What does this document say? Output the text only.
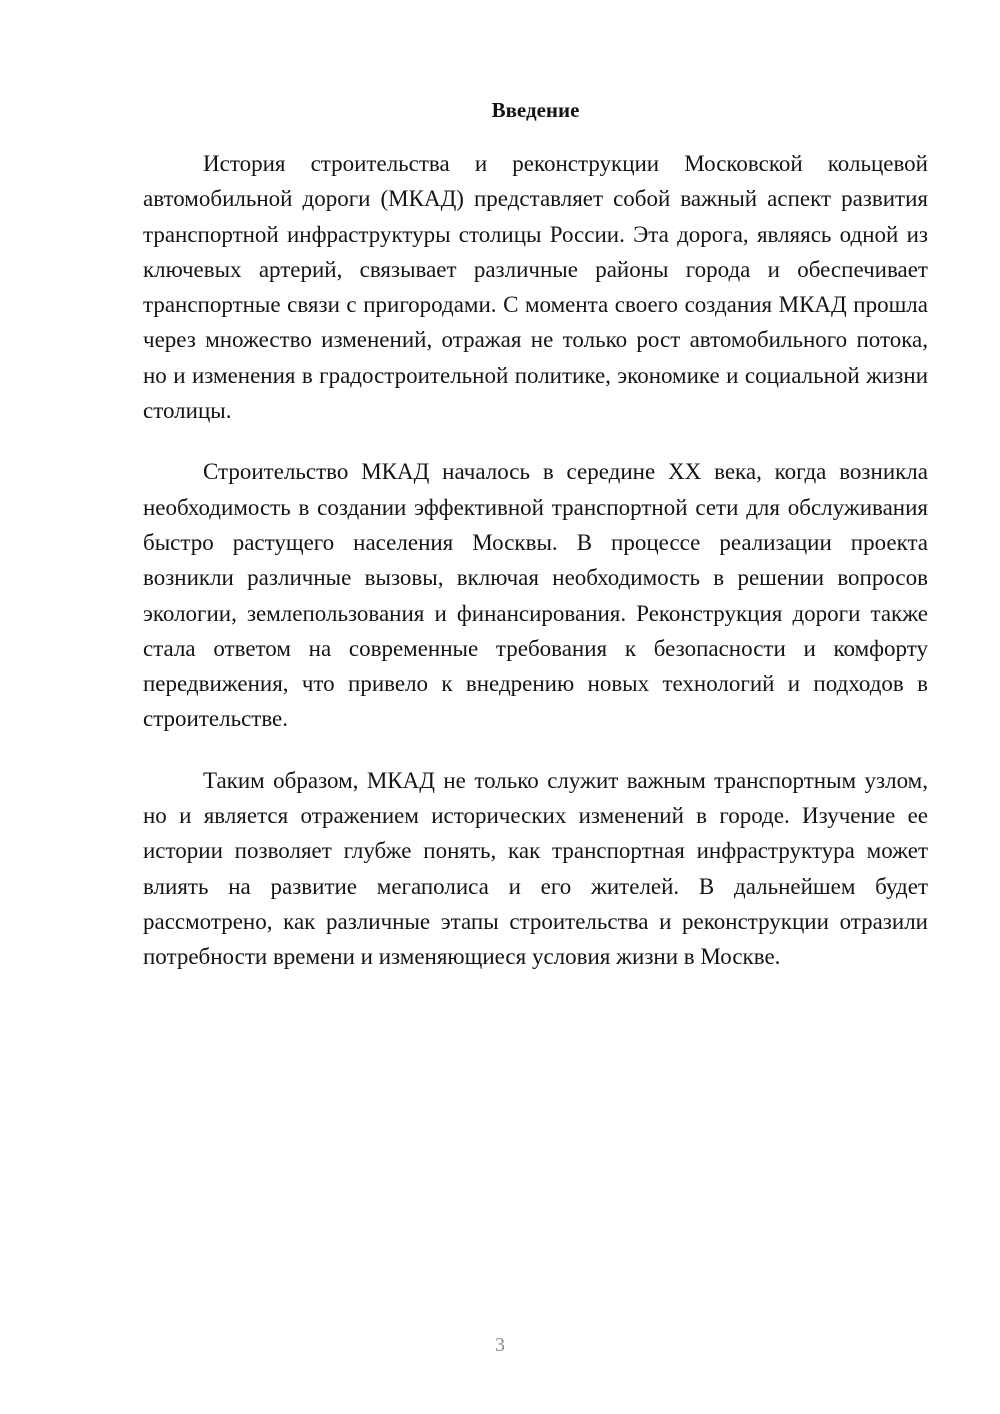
Введение

История строительства и реконструкции Московской кольцевой автомобильной дороги (МКАД) представляет собой важный аспект развития транспортной инфраструктуры столицы России. Эта дорога, являясь одной из ключевых артерий, связывает различные районы города и обеспечивает транспортные связи с пригородами. С момента своего создания МКАД прошла через множество изменений, отражая не только рост автомобильного потока, но и изменения в градостроительной политике, экономике и социальной жизни столицы.

Строительство МКАД началось в середине XX века, когда возникла необходимость в создании эффективной транспортной сети для обслуживания быстро растущего населения Москвы. В процессе реализации проекта возникли различные вызовы, включая необходимость в решении вопросов экологии, землепользования и финансирования. Реконструкция дороги также стала ответом на современные требования к безопасности и комфорту передвижения, что привело к внедрению новых технологий и подходов в строительстве.

Таким образом, МКАД не только служит важным транспортным узлом, но и является отражением исторических изменений в городе. Изучение ее истории позволяет глубже понять, как транспортная инфраструктура может влиять на развитие мегаполиса и его жителей. В дальнейшем будет рассмотрено, как различные этапы строительства и реконструкции отразили потребности времени и изменяющиеся условия жизни в Москве.

3
